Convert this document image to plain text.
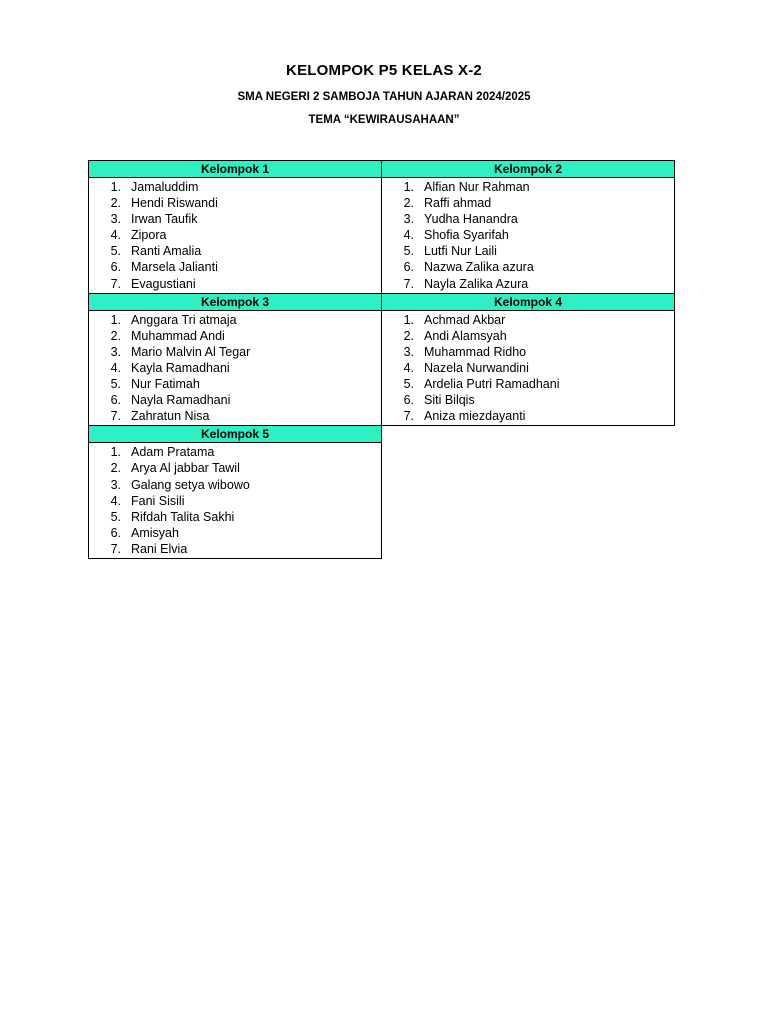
KELOMPOK P5 KELAS X-2
SMA NEGERI 2 SAMBOJA TAHUN AJARAN 2024/2025
TEMA “KEWIRAUSAHAAN”
Kelompok 1
1. Jamaluddim
2. Hendi Riswandi
3. Irwan Taufik
4. Zipora
5. Ranti Amalia
6. Marsela Jalianti
7. Evagustiani
Kelompok 2
1. Alfian Nur Rahman
2. Raffi ahmad
3. Yudha Hanandra
4. Shofia Syarifah
5. Lutfi Nur Laili
6. Nazwa Zalika azura
7. Nayla Zalika Azura
Kelompok 3
1. Anggara Tri atmaja
2. Muhammad Andi
3. Mario Malvin Al Tegar
4. Kayla Ramadhani
5. Nur Fatimah
6. Nayla Ramadhani
7. Zahratun Nisa
Kelompok 4
1. Achmad Akbar
2. Andi Alamsyah
3. Muhammad Ridho
4. Nazela Nurwandini
5. Ardelia Putri Ramadhani
6. Siti Bilqis
7. Aniza miezdayanti
Kelompok 5
1. Adam Pratama
2. Arya Al jabbar Tawil
3. Galang setya wibowo
4. Fani Sisili
5. Rifdah Talita Sakhi
6. Amisyah
7. Rani Elvia
